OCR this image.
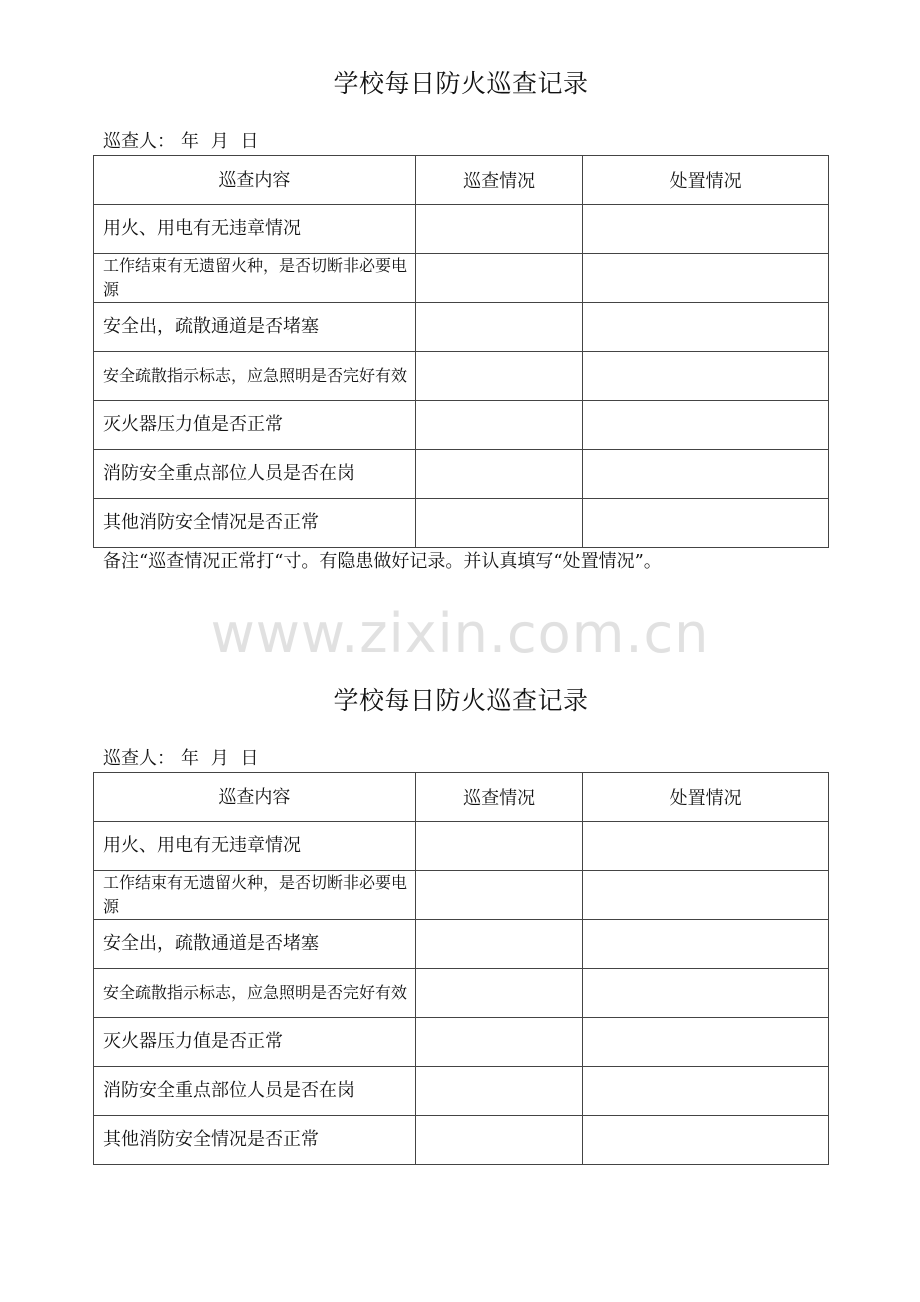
学校每日防火巡查记录
巡查人： 年 月 日
巡查内容	巡查情况	处置情况
用火、用电有无违章情况		
工作结束有无遗留火种，是否切断非必要电源		
安全出，疏散通道是否堵塞		
安全疏散指示标志，应急照明是否完好有效		
灭火器压力值是否正常		
消防安全重点部位人员是否在岗		
其他消防安全情况是否正常		
备注“巡查情况正常打“寸。有隐患做好记录。并认真填写“处置情况”。
www.zixin.com.cn
学校每日防火巡查记录
巡查人： 年 月 日
巡查内容	巡查情况	处置情况
用火、用电有无违章情况		
工作结束有无遗留火种，是否切断非必要电源		
安全出，疏散通道是否堵塞		
安全疏散指示标志，应急照明是否完好有效		
灭火器压力值是否正常		
消防安全重点部位人员是否在岗		
其他消防安全情况是否正常		
